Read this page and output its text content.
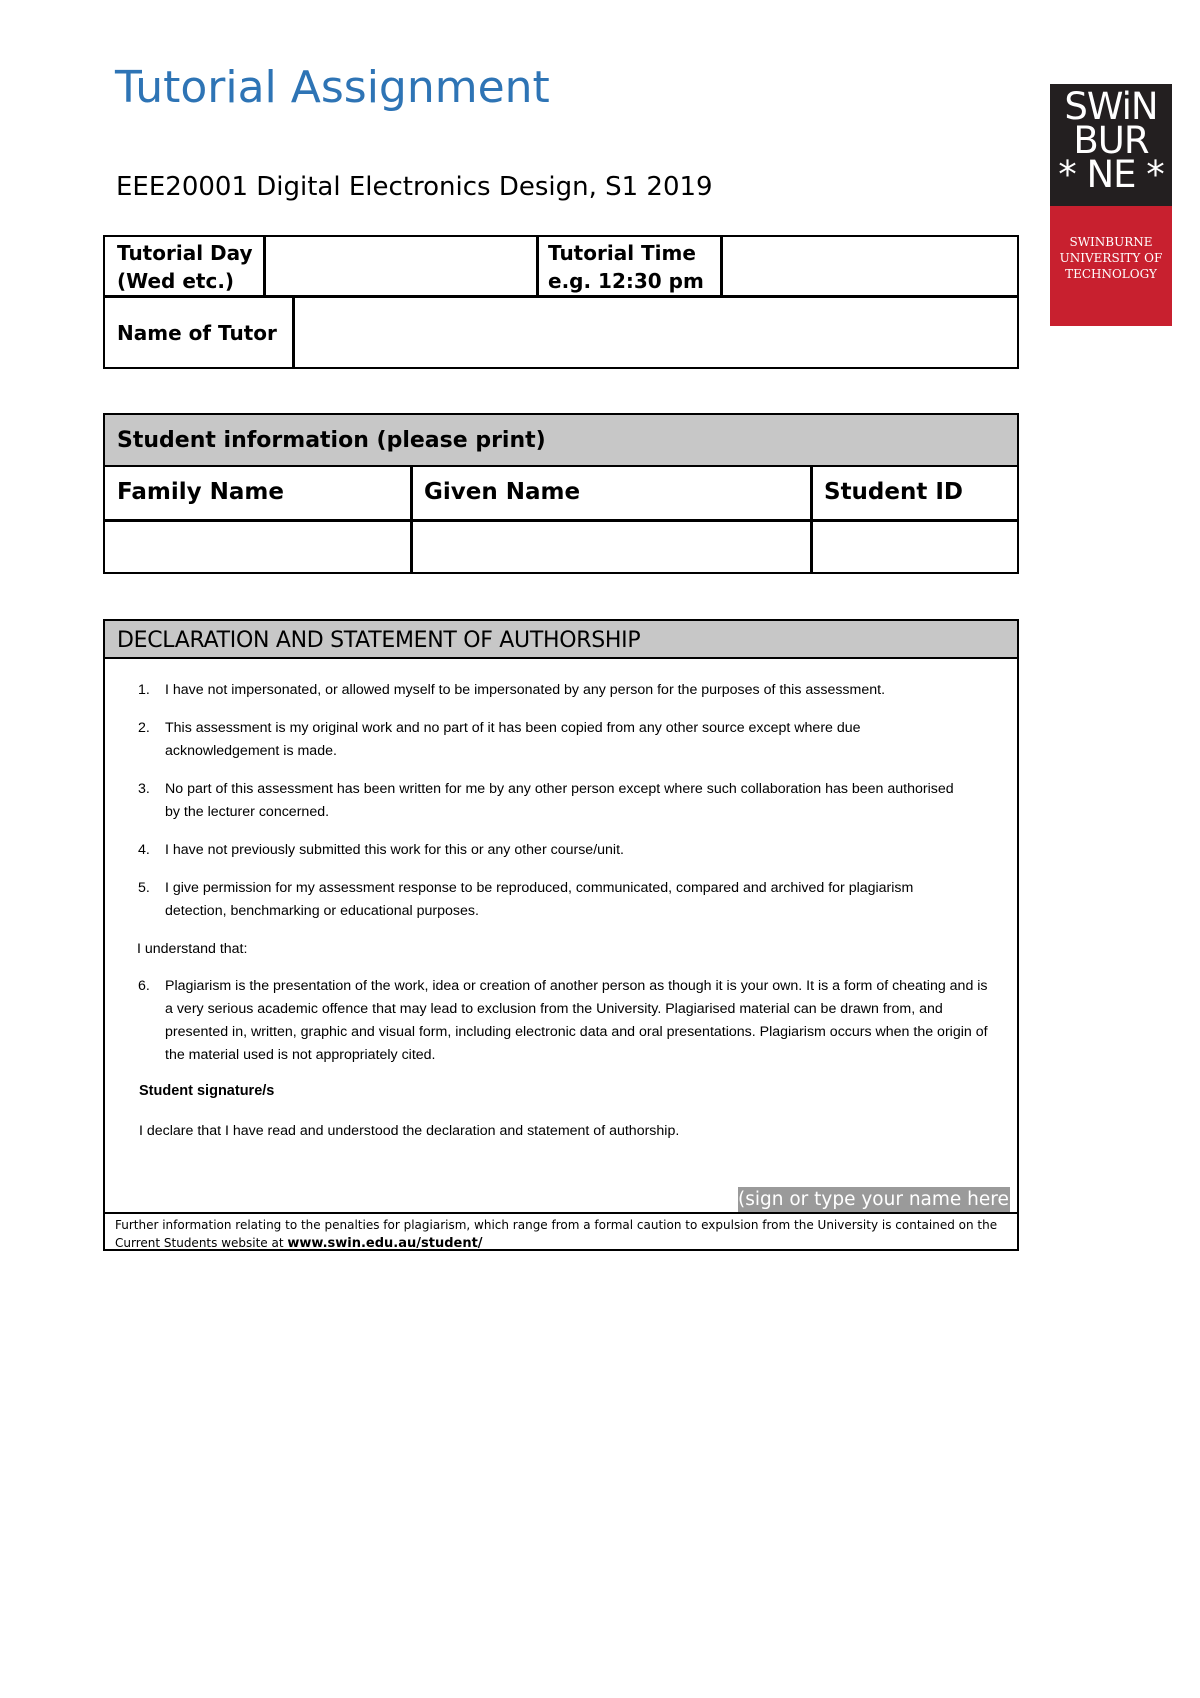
Tutorial Assignment
EEE20001 Digital Electronics Design, S1 2019
SWiN
BUR
* NE *
SWINBURNE
UNIVERSITY OF
TECHNOLOGY
Tutorial Day
(Wed etc.)
Tutorial Time
e.g. 12:30 pm
Name of Tutor
Student information (please print)
Family Name	Given Name	Student ID
DECLARATION AND STATEMENT OF AUTHORSHIP
1. I have not impersonated, or allowed myself to be impersonated by any person for the purposes of this assessment.
2. This assessment is my original work and no part of it has been copied from any other source except where due acknowledgement is made.
3. No part of this assessment has been written for me by any other person except where such collaboration has been authorised by the lecturer concerned.
4. I have not previously submitted this work for this or any other course/unit.
5. I give permission for my assessment response to be reproduced, communicated, compared and archived for plagiarism detection, benchmarking or educational purposes.
I understand that:
6. Plagiarism is the presentation of the work, idea or creation of another person as though it is your own. It is a form of cheating and is a very serious academic offence that may lead to exclusion from the University. Plagiarised material can be drawn from, and presented in, written, graphic and visual form, including electronic data and oral presentations. Plagiarism occurs when the origin of the material used is not appropriately cited.
Student signature/s
I declare that I have read and understood the declaration and statement of authorship.
(sign or type your name here)
Further information relating to the penalties for plagiarism, which range from a formal caution to expulsion from the University is contained on the Current Students website at www.swin.edu.au/student/
